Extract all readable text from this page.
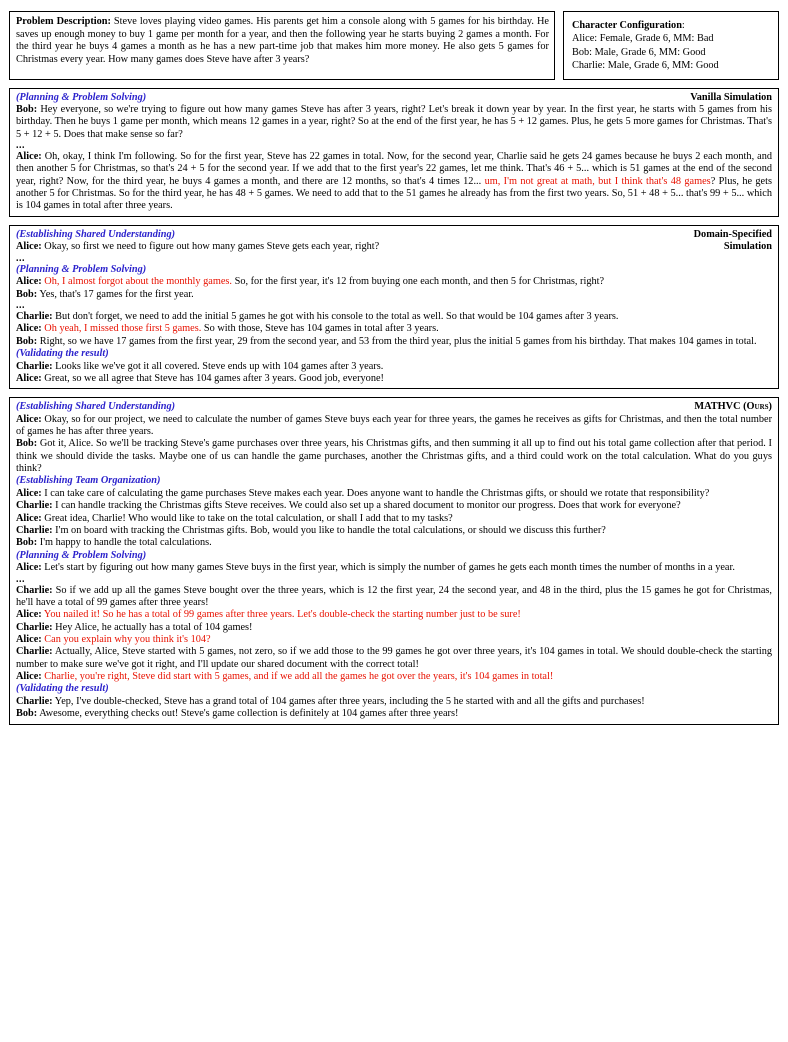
Problem Description: Steve loves playing video games. His parents get him a console along with 5 games for his birthday. He saves up enough money to buy 1 game per month for a year, and then the following year he starts buying 2 games a month. For the third year he buys 4 games a month as he has a new part-time job that makes him more money. He also gets 5 games for Christmas every year. How many games does Steve have after 3 years?

Character Configuration:

Alice: Female, Grade 6, MM: Bad

Bob: Male, Grade 6, MM: Good

Charlie: Male, Grade 6, MM: Good

Vanilla Simulation

(Planning & Problem Solving)

Bob: Hey everyone, so we're trying to figure out how many games Steve has after 3 years, right? Let's break it down year by year. In the first year, he starts with 5 games from his birthday. Then he buys 1 game per month, which means 12 games in a year, right? So at the end of the first year, he has 5 + 12 games. Plus, he gets 5 more games for Christmas. That's 5 + 12 + 5. Does that make sense so far?

...

Alice: Oh, okay, I think I'm following. So for the first year, Steve has 22 games in total. Now, for the second year, Charlie said he gets 24 games because he buys 2 each month, and then another 5 for Christmas, so that's 24 + 5 for the second year. If we add that to the first year's 22 games, let me think. That's 46 + 5... which is 51 games at the end of the second year, right? Now, for the third year, he buys 4 games a month, and there are 12 months, so that's 4 times 12... um, I'm not great at math, but I think that's 48 games? Plus, he gets another 5 for Christmas. So for the third year, he has 48 + 5 games. We need to add that to the 51 games he already has from the first two years. So, 51 + 48 + 5... that's 99 + 5... which is 104 games in total after three years.

Domain-Specified
Simulation

(Establishing Shared Understanding)

Alice: Okay, so first we need to figure out how many games Steve gets each year, right?

...

(Planning & Problem Solving)

Alice: Oh, I almost forgot about the monthly games. So, for the first year, it's 12 from buying one each month, and then 5 for Christmas, right?

Bob: Yes, that's 17 games for the first year.

...

Charlie: But don't forget, we need to add the initial 5 games he got with his console to the total as well. So that would be 104 games after 3 years.

Alice: Oh yeah, I missed those first 5 games. So with those, Steve has 104 games in total after 3 years.

Bob: Right, so we have 17 games from the first year, 29 from the second year, and 53 from the third year, plus the initial 5 games from his birthday. That makes 104 games in total.

(Validating the result)

Charlie: Looks like we've got it all covered. Steve ends up with 104 games after 3 years.

Alice: Great, so we all agree that Steve has 104 games after 3 years. Good job, everyone!

MATHVC (Ours)

(Establishing Shared Understanding)

Alice: Okay, so for our project, we need to calculate the number of games Steve buys each year for three years, the games he receives as gifts for Christmas, and then the total number of games he has after three years.

Bob: Got it, Alice. So we'll be tracking Steve's game purchases over three years, his Christmas gifts, and then summing it all up to find out his total game collection after that period. I think we should divide the tasks. Maybe one of us can handle the game purchases, another the Christmas gifts, and a third could work on the total calculation. What do you guys think?

(Establishing Team Organization)

Alice: I can take care of calculating the game purchases Steve makes each year. Does anyone want to handle the Christmas gifts, or should we rotate that responsibility?

Charlie: I can handle tracking the Christmas gifts Steve receives. We could also set up a shared document to monitor our progress. Does that work for everyone?

Alice: Great idea, Charlie! Who would like to take on the total calculation, or shall I add that to my tasks?

Charlie: I'm on board with tracking the Christmas gifts. Bob, would you like to handle the total calculations, or should we discuss this further?

Bob: I'm happy to handle the total calculations.

(Planning & Problem Solving)

Alice: Let's start by figuring out how many games Steve buys in the first year, which is simply the number of games he gets each month times the number of months in a year.

...

Charlie: So if we add up all the games Steve bought over the three years, which is 12 the first year, 24 the second year, and 48 in the third, plus the 15 games he got for Christmas, he'll have a total of 99 games after three years!

Alice: You nailed it! So he has a total of 99 games after three years. Let's double-check the starting number just to be sure!

Charlie: Hey Alice, he actually has a total of 104 games!

Alice: Can you explain why you think it's 104?

Charlie: Actually, Alice, Steve started with 5 games, not zero, so if we add those to the 99 games he got over three years, it's 104 games in total. We should double-check the starting number to make sure we've got it right, and I'll update our shared document with the correct total!

Alice: Charlie, you're right, Steve did start with 5 games, and if we add all the games he got over the years, it's 104 games in total!

(Validating the result)

Charlie: Yep, I've double-checked, Steve has a grand total of 104 games after three years, including the 5 he started with and all the gifts and purchases!

Bob: Awesome, everything checks out! Steve's game collection is definitely at 104 games after three years!
